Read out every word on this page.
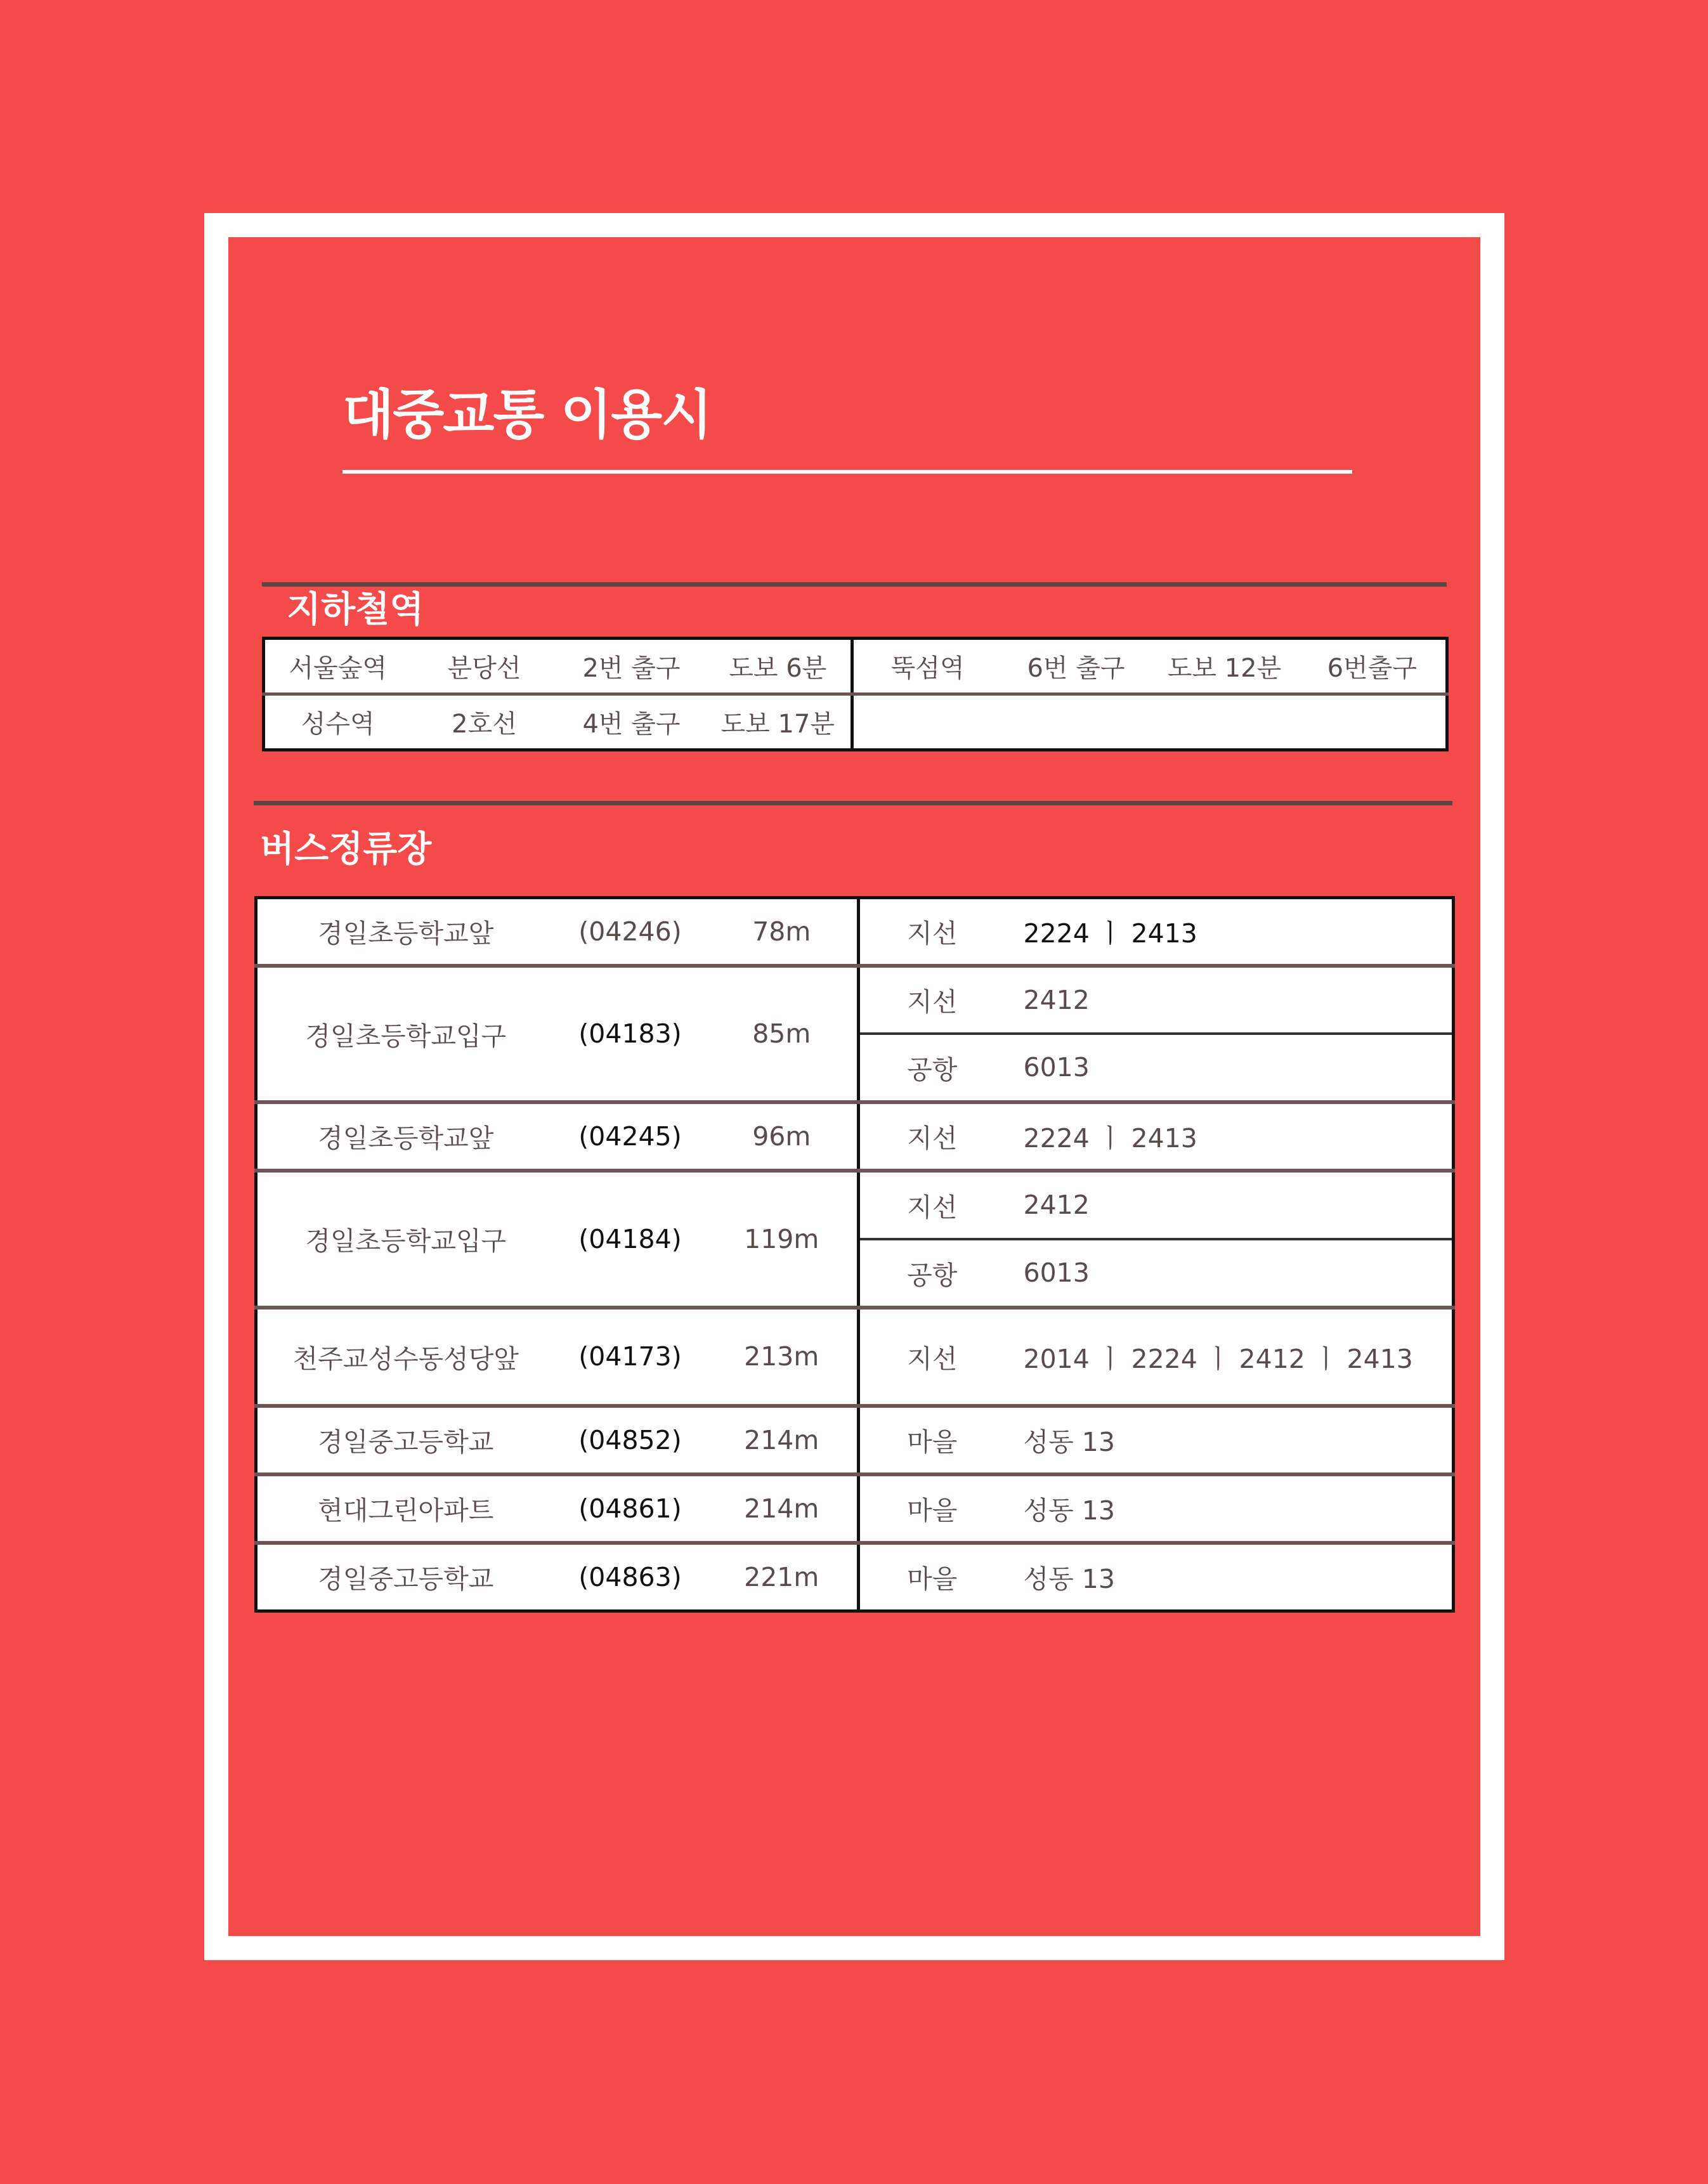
대중교통 이용시
지하철역
서울숲역	분당선	2번 출구	도보 6분	뚝섬역	6번 출구	도보 12분	6번출구
성수역	2호선	4번 출구	도보 17분				
버스정류장
경일초등학교앞	(04246)	78m	지선	2224 ㅣ 2413
경일초등학교입구	(04183)	85m	지선	2412
			공항	6013
경일초등학교앞	(04245)	96m	지선	2224 ㅣ 2413
경일초등학교입구	(04184)	119m	지선	2412
			공항	6013
천주교성수동성당앞	(04173)	213m	지선	2014 ㅣ 2224 ㅣ 2412 ㅣ 2413
경일중고등학교	(04852)	214m	마을	성동 13
현대그린아파트	(04861)	214m	마을	성동 13
경일중고등학교	(04863)	221m	마을	성동 13
